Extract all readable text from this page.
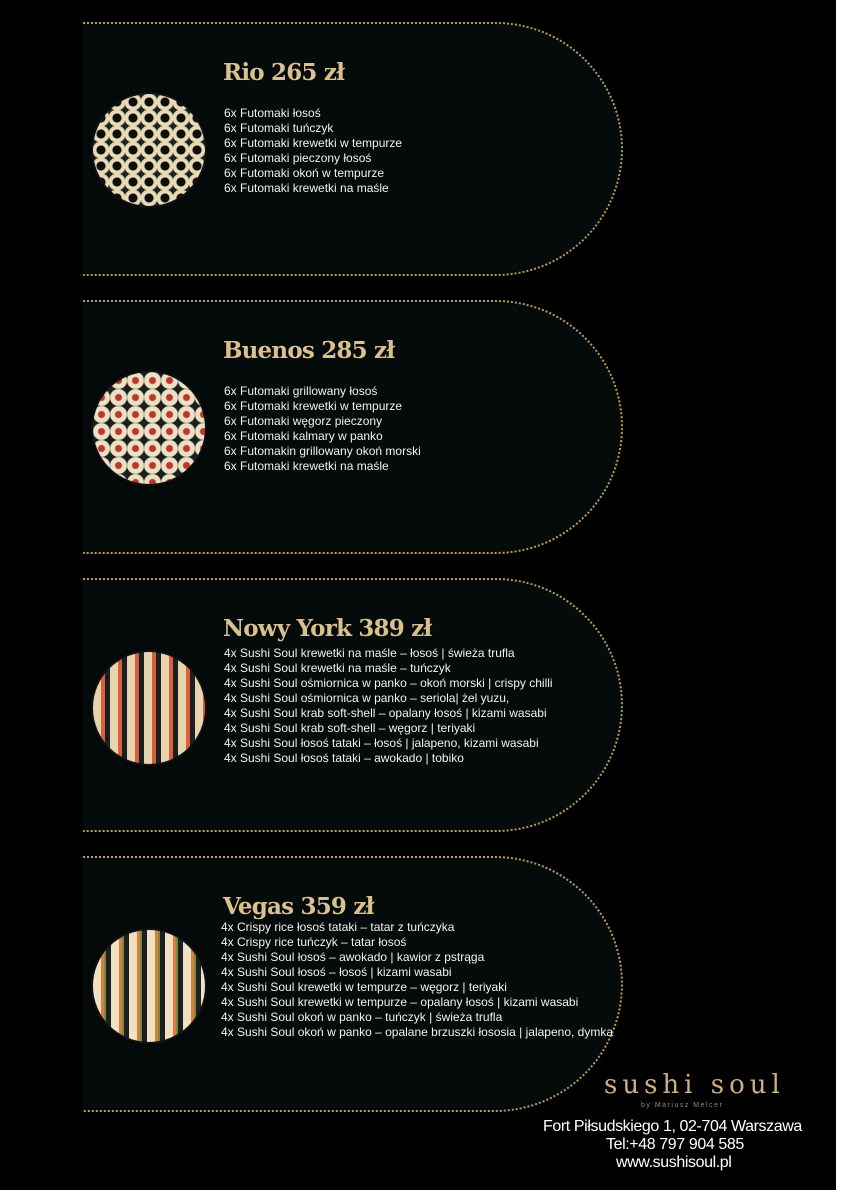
Rio 265 zł
6x Futomaki łosoś
6x Futomaki tuńczyk
6x Futomaki krewetki w tempurze
6x Futomaki pieczony łosoś
6x Futomaki okoń w tempurze
6x Futomaki krewetki na maśle
Buenos 285 zł
6x Futomaki grillowany łosoś
6x Futomaki krewetki w tempurze
6x Futomaki węgorz pieczony
6x Futomaki kalmary w panko
6x Futomakin grillowany okoń morski
6x Futomaki krewetki na maśle
Nowy York 389 zł
4x Sushi Soul krewetki na maśle – łosoś | świeża trufla
4x Sushi Soul krewetki na maśle – tuńczyk
4x Sushi Soul ośmiornica w panko – okoń morski | crispy chilli
4x Sushi Soul ośmiornica w panko – seriola| żel yuzu,
4x Sushi Soul krab soft-shell – opalany łosoś | kizami wasabi
4x Sushi Soul krab soft-shell – węgorz | teriyaki
4x Sushi Soul łosoś tataki – łosoś | jalapeno, kizami wasabi
4x Sushi Soul łosoś tataki – awokado | tobiko
Vegas 359 zł
4x Crispy rice łosoś tataki – tatar z tuńczyka
4x Crispy rice tuńczyk – tatar łosoś
4x Sushi Soul łosoś – awokado | kawior z pstrąga
4x Sushi Soul łosoś – łosoś | kizami wasabi
4x Sushi Soul krewetki w tempurze – węgorz | teriyaki
4x Sushi Soul krewetki w tempurze – opalany łosoś | kizami wasabi
4x Sushi Soul okoń w panko – tuńczyk | świeża trufla
4x Sushi Soul okoń w panko – opalane brzuszki łososia | jalapeno, dymka
sushi soul
by Mariusz Melcer
Fort Piłsudskiego 1, 02-704 Warszawa
Tel:+48 797 904 585
www.sushisoul.pl
